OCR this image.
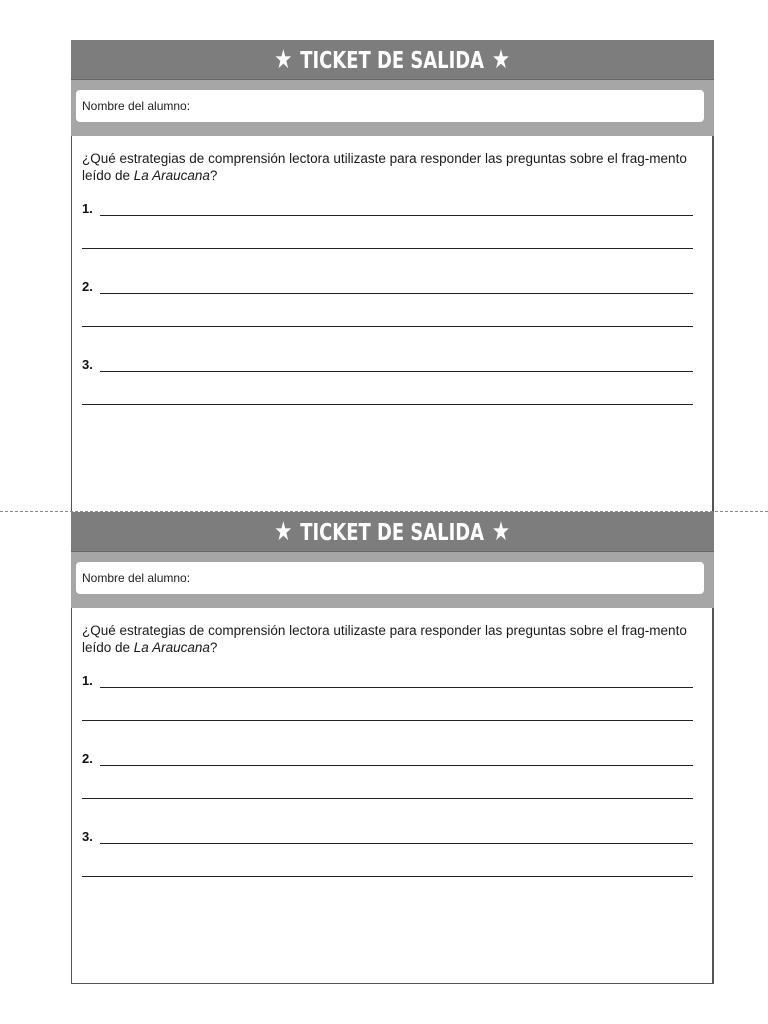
★ TICKET DE SALIDA ★
Nombre del alumno:
¿Qué estrategias de comprensión lectora utilizaste para responder las preguntas sobre el frag-mento leído de La Araucana?
1.
2.
3.
★ TICKET DE SALIDA ★
Nombre del alumno:
¿Qué estrategias de comprensión lectora utilizaste para responder las preguntas sobre el frag-mento leído de La Araucana?
1.
2.
3.
